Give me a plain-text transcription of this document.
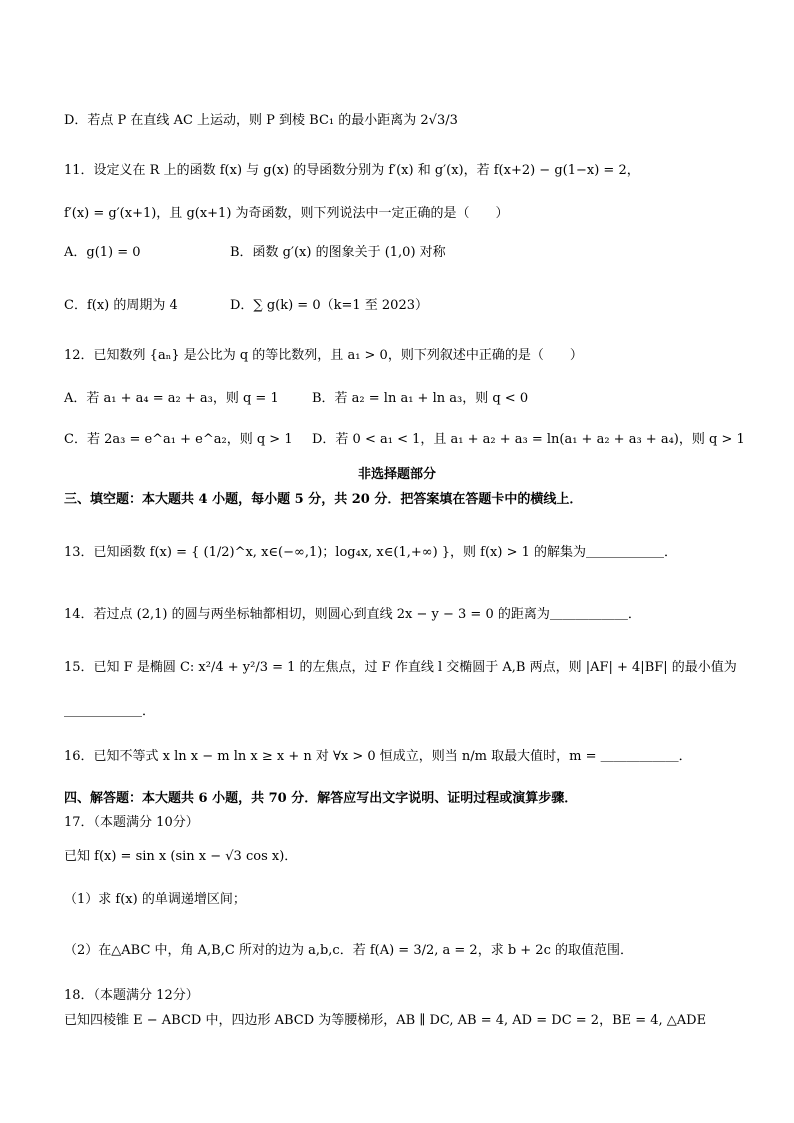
D．若点 P 在直线 AC 上运动，则 P 到棱 BC₁ 的最小距离为 2√3/3
11．设定义在 R 上的函数 f(x) 与 g(x) 的导函数分别为 f′(x) 和 g′(x)，若 f(x+2) − g(1−x) = 2，
f′(x) = g′(x+1)，且 g(x+1) 为奇函数，则下列说法中一定正确的是（　　）
A．g(1) = 0	B．函数 g′(x) 的图象关于 (1,0) 对称
C．f(x) 的周期为 4	D．∑ g(k) = 0（k=1 至 2023）
12．已知数列 {aₙ} 是公比为 q 的等比数列，且 a₁ > 0，则下列叙述中正确的是（　　）
A．若 a₁ + a₄ = a₂ + a₃，则 q = 1	B．若 a₂ = ln a₁ + ln a₃，则 q < 0
C．若 2a₃ = e^a₁ + e^a₂，则 q > 1 D．若 0 < a₁ < 1，且 a₁ + a₂ + a₃ = ln(a₁ + a₂ + a₃ + a₄)，则 q > 1
非选择题部分
三、填空题：本大题共 4 小题，每小题 5 分，共 20 分．把答案填在答题卡中的横线上．
13．已知函数 f(x) = { (1/2)^x, x∈(−∞,1)；log₄x, x∈(1,+∞) }，则 f(x) > 1 的解集为＿＿＿＿＿＿．
14．若过点 (2,1) 的圆与两坐标轴都相切，则圆心到直线 2x − y − 3 = 0 的距离为＿＿＿＿＿＿．
15．已知 F 是椭圆 C: x²/4 + y²/3 = 1 的左焦点，过 F 作直线 l 交椭圆于 A,B 两点，则 |AF| + 4|BF| 的最小值为
＿＿＿＿＿＿．
16．已知不等式 x ln x − m ln x ≥ x + n 对 ∀x > 0 恒成立，则当 n/m 取最大值时，m = ＿＿＿＿＿＿．
四、解答题：本大题共 6 小题，共 70 分．解答应写出文字说明、证明过程或演算步骤．
17．（本题满分 10分）
已知 f(x) = sin x (sin x − √3 cos x)．
（1）求 f(x) 的单调递增区间；
（2）在△ABC 中，角 A,B,C 所对的边为 a,b,c．若 f(A) = 3/2, a = 2，求 b + 2c 的取值范围．
18．（本题满分 12分）
已知四棱锥 E − ABCD 中，四边形 ABCD 为等腰梯形，AB ∥ DC, AB = 4, AD = DC = 2，BE = 4, △ADE
